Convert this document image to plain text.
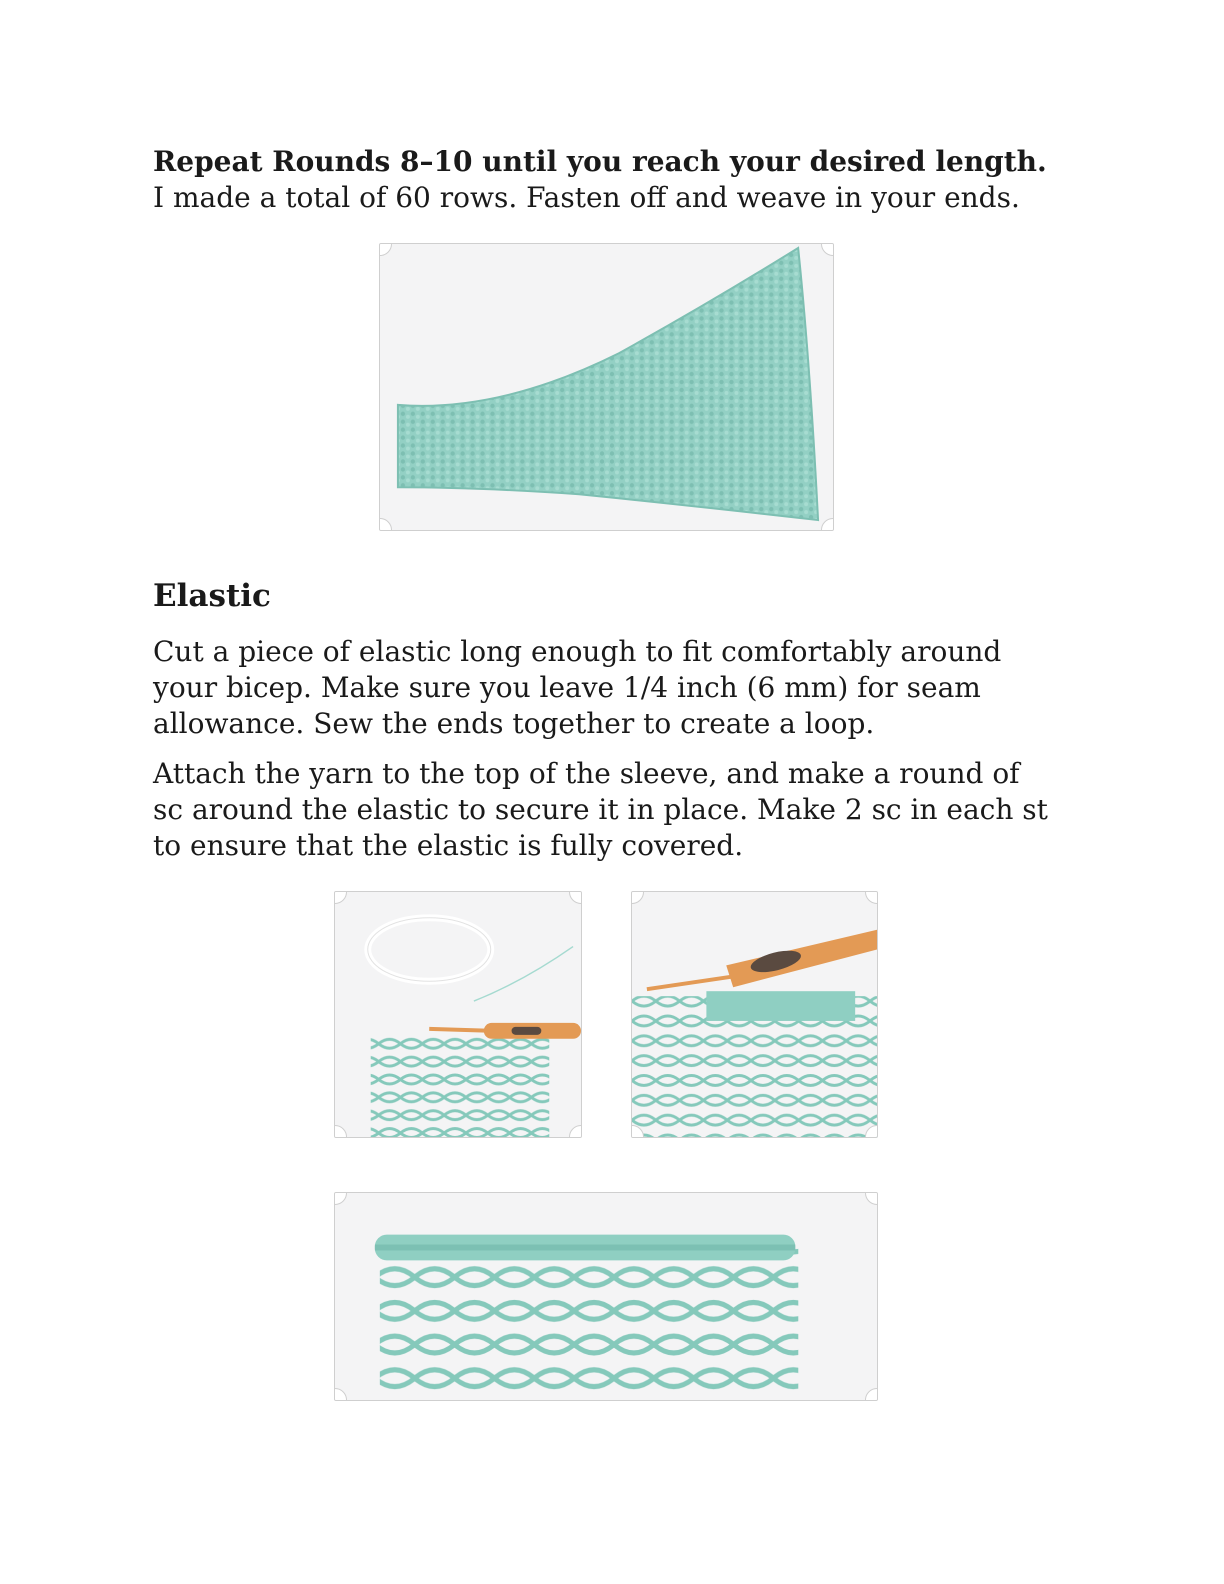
Repeat Rounds 8–10 until you reach your desired length. I made a total of 60 rows. Fasten off and weave in your ends.

Elastic

Cut a piece of elastic long enough to fit comfortably around your bicep. Make sure you leave 1/4 inch (6 mm) for seam allowance. Sew the ends together to create a loop.

Attach the yarn to the top of the sleeve, and make a round of sc around the elastic to secure it in place. Make 2 sc in each st to ensure that the elastic is fully covered.
